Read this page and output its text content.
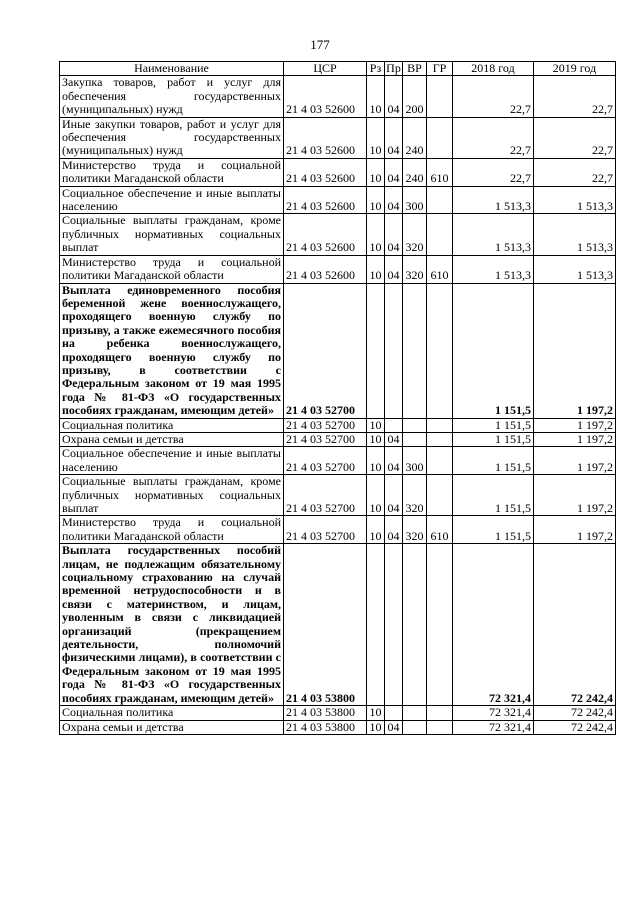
177
Наименование	ЦСР	Рз	Пр	ВР	ГР	2018 год	2019 год
Закупка товаров, работ и услуг для обеспечения государственных (муниципальных) нужд	21 4 03 52600	10	04	200		22,7	22,7
Иные закупки товаров, работ и услуг для обеспечения государственных (муниципальных) нужд	21 4 03 52600	10	04	240		22,7	22,7
Министерство труда и социальной политики Магаданской области	21 4 03 52600	10	04	240	610	22,7	22,7
Социальное обеспечение и иные выплаты населению	21 4 03 52600	10	04	300		1 513,3	1 513,3
Социальные выплаты гражданам, кроме публичных нормативных социальных выплат	21 4 03 52600	10	04	320		1 513,3	1 513,3
Министерство труда и социальной политики Магаданской области	21 4 03 52600	10	04	320	610	1 513,3	1 513,3
Выплата единовременного пособия беременной жене военнослужащего, проходящего военную службу по призыву, а также ежемесячного пособия на ребенка военнослужащего, проходящего военную службу по призыву, в соответствии с Федеральным законом от 19 мая 1995 года № 81-ФЗ «О государственных пособиях гражданам, имеющим детей»	21 4 03 52700					1 151,5	1 197,2
Социальная политика	21 4 03 52700	10				1 151,5	1 197,2
Охрана семьи и детства	21 4 03 52700	10	04			1 151,5	1 197,2
Социальное обеспечение и иные выплаты населению	21 4 03 52700	10	04	300		1 151,5	1 197,2
Социальные выплаты гражданам, кроме публичных нормативных социальных выплат	21 4 03 52700	10	04	320		1 151,5	1 197,2
Министерство труда и социальной политики Магаданской области	21 4 03 52700	10	04	320	610	1 151,5	1 197,2
Выплата государственных пособий лицам, не подлежащим обязательному социальному страхованию на случай временной нетрудоспособности и в связи с материнством, и лицам, уволенным в связи с ликвидацией организаций (прекращением деятельности, полномочий физическими лицами), в соответствии с Федеральным законом от 19 мая 1995 года № 81-ФЗ «О государственных пособиях гражданам, имеющим детей»	21 4 03 53800					72 321,4	72 242,4
Социальная политика	21 4 03 53800	10				72 321,4	72 242,4
Охрана семьи и детства	21 4 03 53800	10	04			72 321,4	72 242,4
